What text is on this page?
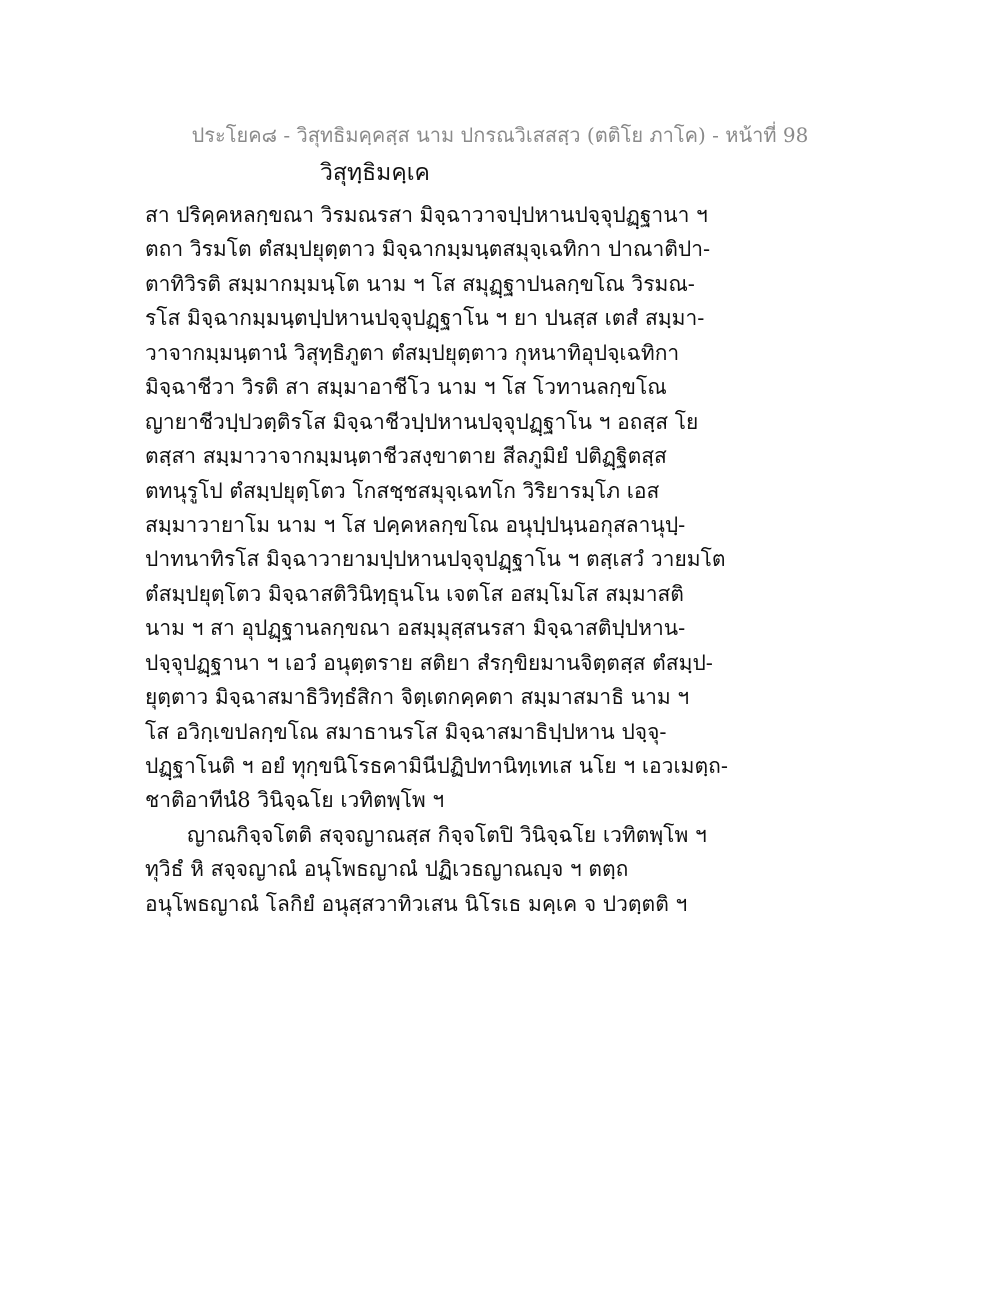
ประโยค๘ - วิสุทธิมคฺคสฺส นาม ปกรณวิเสสสฺว (ตติโย ภาโค) - หน้าที่ 98
วิสุทฺธิมคฺเค
สา ปริคฺคหลกฺขณา วิรมณรสา มิจฺฉาวาจปฺปหานปจฺจุปฏฺฐานา ฯ
ตถา วิรมโต ตํสมฺปยุตฺตาว มิจฺฉากมฺมนฺตสมุจฺเฉทิกา ปาณาติปา-
ตาทิวิรติ สมฺมากมฺมนฺโต นาม ฯ โส สมุฏฺฐาปนลกฺขโณ วิรมณ-
รโส มิจฺฉากมฺมนฺตปฺปหานปจฺจุปฏฺฐาโน ฯ ยา ปนสฺส เตสํ สมฺมา-
วาจากมฺมนฺตานํ วิสุทฺธิภูตา ตํสมฺปยุตฺตาว กุหนาทิอุปจฺเฉทิกา
มิจฺฉาชีวา วิรติ สา สมฺมาอาชีโว นาม ฯ โส โวทานลกฺขโณ
ญายาชีวปฺปวตฺติรโส มิจฺฉาชีวปฺปหานปจฺจุปฏฺฐาโน ฯ อถสฺส โย
ตสฺสา สมฺมาวาจากมฺมนฺตาชีวสงฺขาตาย สีลภูมิยํ ปติฏฺฐิตสฺส
ตทนุรูโป ตํสมฺปยุตฺโตว โกสชฺชสมุจฺเฉทโก วิริยารมฺโภ เอส
สมฺมาวายาโม นาม ฯ โส ปคฺคหลกฺขโณ อนุปฺปนฺนอกุสลานุปฺ-
ปาทนาทิรโส มิจฺฉาวายามปฺปหานปจฺจุปฏฺฐาโน ฯ ตสฺเสวํ วายมโต
ตํสมฺปยุตฺโตว มิจฺฉาสติวินิทฺธุนโน เจตโส อสมฺโมโส สมฺมาสติ
นาม ฯ สา อุปฏฺฐานลกฺขณา อสมฺมุสฺสนรสา มิจฺฉาสติปฺปหาน-
ปจฺจุปฏฺฐานา ฯ เอวํ อนุตฺตราย สติยา สํรกฺขิยมานจิตฺตสฺส ตํสมฺป-
ยุตฺตาว มิจฺฉาสมาธิวิทฺธํสิกา จิตฺเตกคฺคตา สมฺมาสมาธิ นาม ฯ
โส อวิกฺเขปลกฺขโณ สมาธานรโส มิจฺฉาสมาธิปฺปหาน ปจฺจุ-
ปฏฺฐาโนติ ฯ อยํ ทุกฺขนิโรธคามินีปฏิปทานิทฺเทเส นโย ฯ เอวเมตฺถ-
ชาติอาทีนํ8 วินิจฺฉโย เวทิตพฺโพ ฯ
ญาณกิจฺจโตติ สจฺจญาณสฺส กิจฺจโตปิ วินิจฺฉโย เวทิตพฺโพ ฯ
ทุวิธํ หิ สจฺจญาณํ อนุโพธญาณํ ปฏิเวธญาณญฺจ ฯ ตตฺถ
อนุโพธญาณํ โลกิยํ อนุสฺสวาทิวเสน นิโรเธ มคฺเค จ ปวตฺตติ ฯ
